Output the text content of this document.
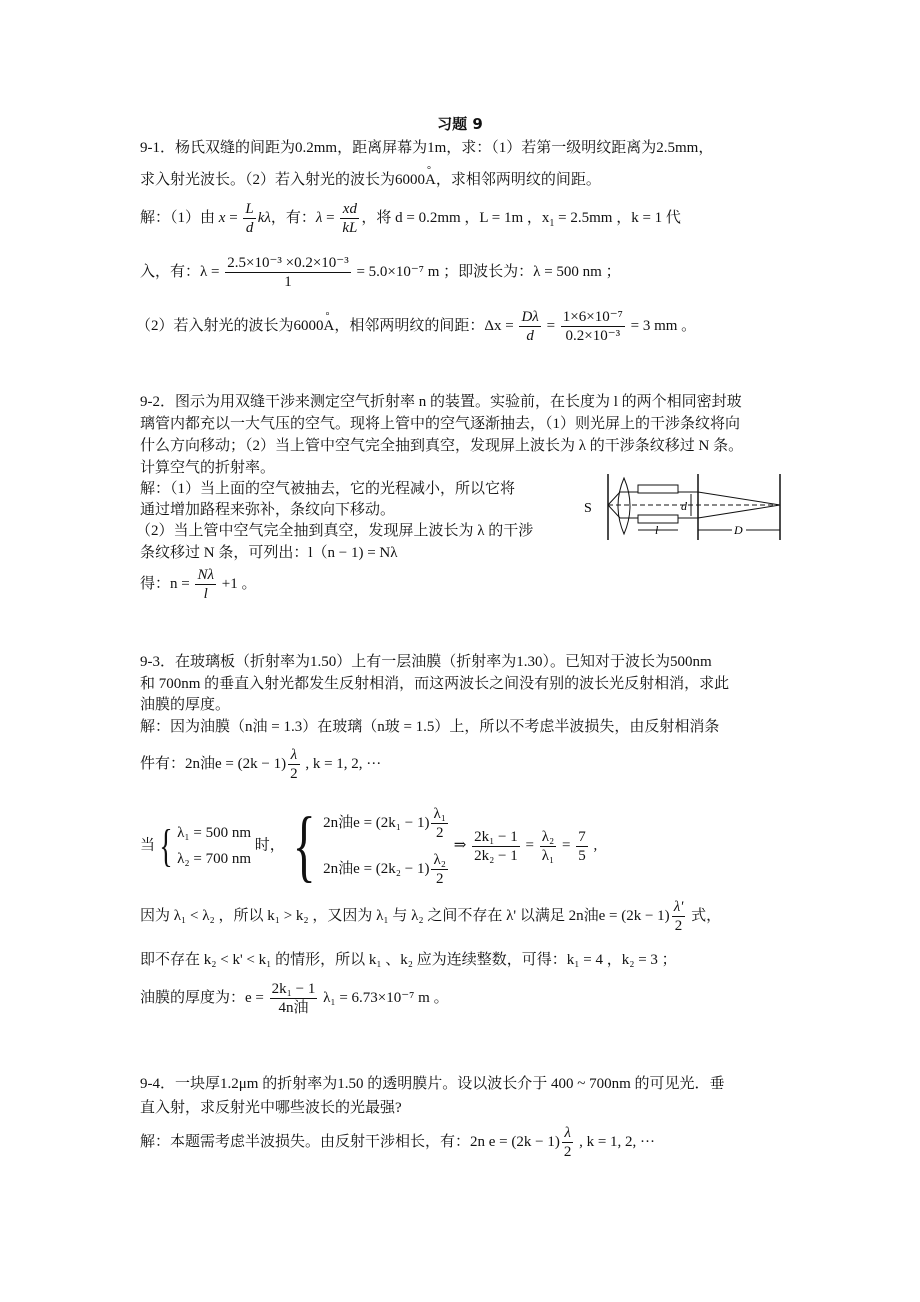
习题 9
9-1．杨氏双缝的间距为0.2mm，距离屏幕为1m，求：（1）若第一级明纹距离为2.5mm，
求入射光波长。（2）若入射光的波长为6000° A，求相邻两明纹的间距。
解：（1）由 $x = \frac{L}{d}$ kλ，有：$\lambda = \frac{xd}{kL}$ ，将 d = 0.2mm ，L = 1m ，$x_1 = 2.5mm$ ，k = 1 代
入，有：$\lambda = \frac{\text{2.5×10⁻³ ×0.2×10⁻³}}{1} = 5.0\times 10^{-7}$ m ；即波长为：λ = 500 nm ；
（2）若入射光的波长为6000° A，相邻两明纹的间距：$\Delta x = \frac{D\lambda}{d} = \frac{\text{1×6×10⁻⁷}}{\text{0.2×10⁻³}} = 3$ mm 。
9-2．图示为用双缝干涉来测定空气折射率 n 的装置。实验前，在长度为 l 的两个相同密封玻
璃管内都充以一大气压的空气。现将上管中的空气逐渐抽去，（1）则光屏上的干涉条纹将向
什么方向移动；（2）当上管中空气完全抽到真空，发现屏上波长为 λ 的干涉条纹移过 N 条。
计算空气的折射率。
解：（1）当上面的空气被抽去，它的光程减小，所以它将
通过增加路程来弥补，条纹向下移动。
（2）当上管中空气完全抽到真空，发现屏上波长为 λ 的干涉
条纹移过 N 条，可列出：l（n − 1) = Nλ
得：$n = \frac{N\lambda}{l} +1$ 。
S	d
l	D
9-3．在玻璃板（折射率为1.50）上有一层油膜（折射率为1.30）。已知对于波长为500nm
和 700nm 的垂直入射光都发生反射相消，而这两波长之间没有别的波长光反射相消，求此
油膜的厚度。
解：因为油膜（n油 = 1.3）在玻璃（n玻 = 1.5）上，所以不考虑半波损失，由反射相消条
件有：2n油$e = (2k - 1) \frac{\lambda}{2}$ , k = 1, 2, ···
当{ λ₁ = 500 nm
λ₂ = 700 nm
时，{ 2n油$e = (2k_1 - 1) \frac{\text{λ₁}}{2}$
2n油$e = (2k_2 - 1) \frac{\text{λ₂}}{2}$
⇒ $\frac{\text{2k₁ − 1}}{\text{2k₂ − 1}} = \frac{\text{λ₂}}{\text{λ₁}} = \frac{7}{5}$ ,
因为 λ₁ < λ₂ ，所以 k₁ > k₂ ，又因为 λ₁ 与 λ₂ 之间不存在 λ' 以满足 2n油$e = (2k - 1) \frac{\lambda'}{2}$ 式，
即不存在 k₂ < k' < k₁ 的情形，所以 k₁ 、k₂ 应为连续整数，可得：k₁ = 4 ，k₂ = 3 ；
油膜的厚度为：$e = \frac{\text{2k₁ − 1}}{\text{4n油}} \lambda_1 = 6.73\times 10^{-7}$ m 。
9-4．一块厚1.2μm 的折射率为1.50 的透明膜片。设以波长介于 400 ~ 700nm 的可见光．垂
直入射，求反射光中哪些波长的光最强?
解：本题需考虑半波损失。由反射干涉相长，有：2n $e = (2k - 1) \frac{\lambda}{2}$ , k = 1, 2, ···
